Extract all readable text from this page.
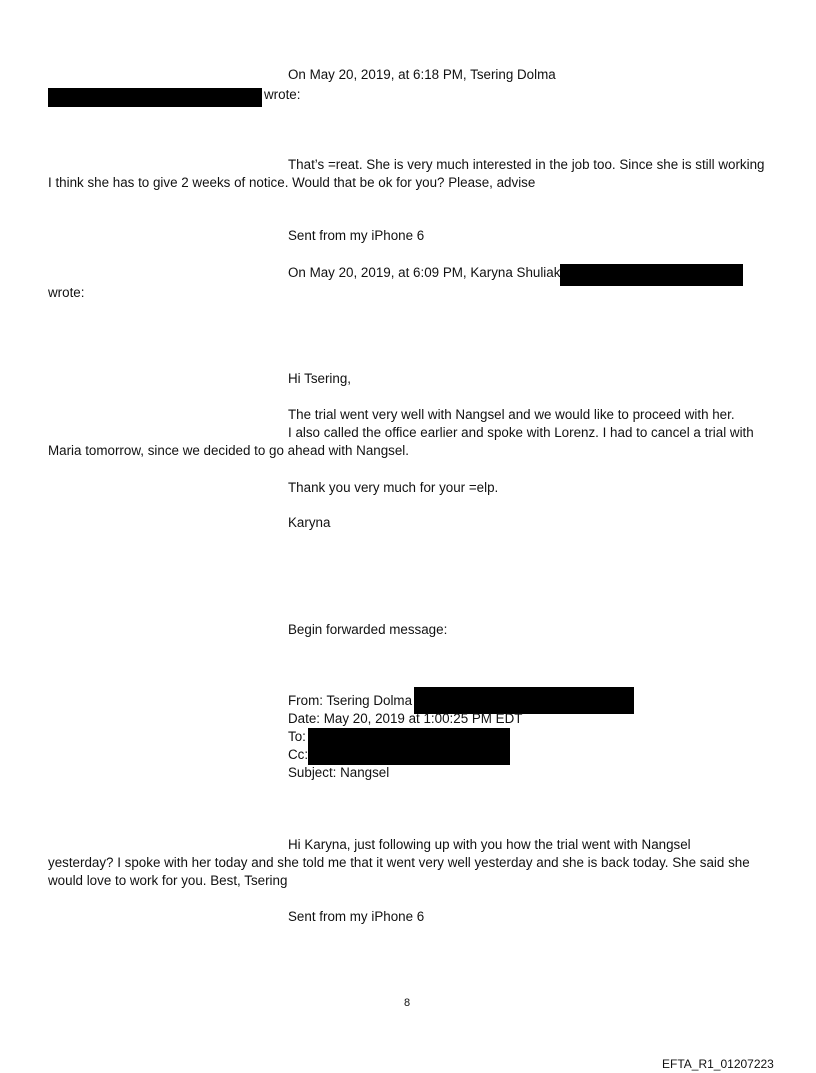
On May 20, 2019, at 6:18 PM, Tsering Dolma
wrote:
That’s =reat. She is very much interested in the job too. Since she is still working
I think she has to give 2 weeks of notice. Would that be ok for you? Please, advise
Sent from my iPhone 6
On May 20, 2019, at 6:09 PM, Karyna Shuliak
wrote:
Hi Tsering,
The trial went very well with Nangsel and we would like to proceed with her.
I also called the office earlier and spoke with Lorenz. I had to cancel a trial with
Maria tomorrow, since we decided to go ahead with Nangsel.
Thank you very much for your =elp.
Karyna
Begin forwarded message:
From: Tsering Dolma
Date: May 20, 2019 at 1:00:25 PM EDT
To:
Cc:
Subject: Nangsel
Hi Karyna, just following up with you how the trial went with Nangsel
yesterday? I spoke with her today and she told me that it went very well yesterday and she is back today. She said she
would love to work for you. Best, Tsering
Sent from my iPhone 6
8
EFTA_R1_01207223
